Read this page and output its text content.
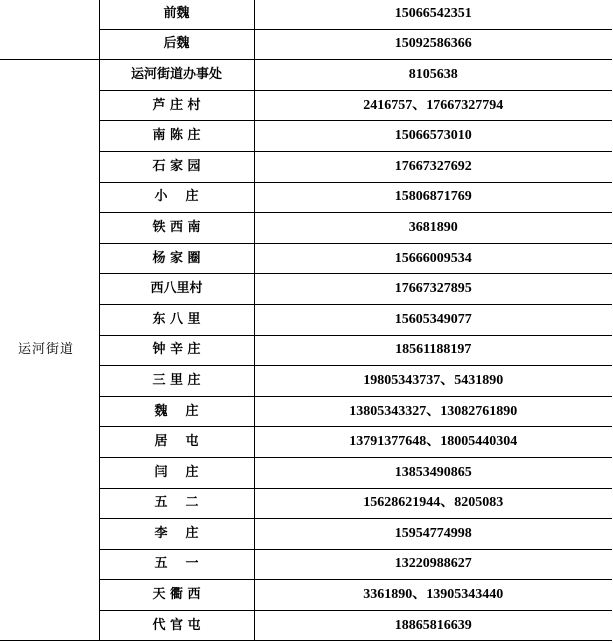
	前魏	15066542351
	后魏	15092586366
运河街道	运河街道办事处	8105638
	芦 庄 村	2416757、17667327794
	南 陈 庄	15066573010
	石 家 园	17667327692
	小    庄	15806871769
	铁 西 南	3681890
	杨 家 圈	15666009534
	西八里村	17667327895
	东 八 里	15605349077
	钟 辛 庄	18561188197
	三 里 庄	19805343737、5431890
	魏    庄	13805343327、13082761890
	居    屯	13791377648、18005440304
	闫    庄	13853490865
	五    二	15628621944、8205083
	李    庄	15954774998
	五    一	13220988627
	天 衢 西	3361890、13905343440
	代 官 屯	18865816639
